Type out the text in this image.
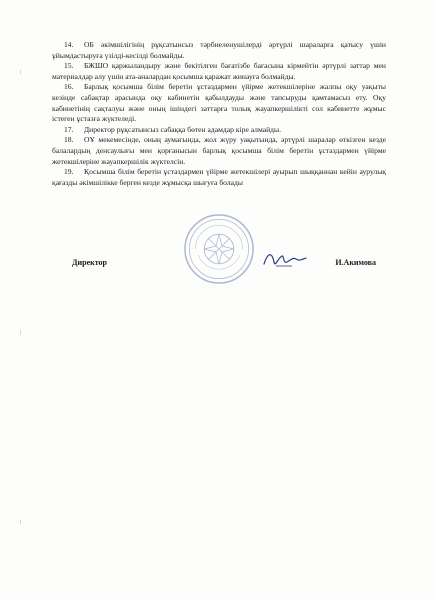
14. ОБ әкімшілігінің рұқсатынсыз тәрбиеленушілерді әртүрлі шараларға қатысу үшін ұйымдастыруға үзілді-кесілді болмайды.

15. БЖШО қаржыландыру және бекітілген бағатізбе бағасына кірмейтін әртүрлі заттар мен материалдар алу үшін ата-аналардан қосымша қаражат жинауға болмайды.

16. Барлық қосымша білім беретін ұстаздармен үйірме жетекшілеріне жалпы оқу уақыты кезінде сабақтар арасында оқу кабинетін қабылдауды және тапсыруды қамтамасыз ету. Оқу кабинетінің сақталуы және оның ішіндегі заттарға толық жауапкершілікті сол кабинетте жұмыс істеген ұстазға жүктеледі.

17. Директор рұқсатынсыз сабаққа бөтен адамдар кіре алмайды.

18. ОҰ мекемесінде, оның аумағында, жол жүру уақытында, әртүрлі шаралар өткізген кезде балалардың денсаулығы мен қорғанысын барлық қосымша білім беретін ұстаздармен үйірме жетекшілеріне жауапкершілік жүктелсін.

19. Қосымша білім беретін ұстаздармен үйірме жетекшілері ауырып шыққаннан кейін аурулық қағазды әкімшілікке берген кезде жұмысқа шығуға болады

Директор	И.Акимова
